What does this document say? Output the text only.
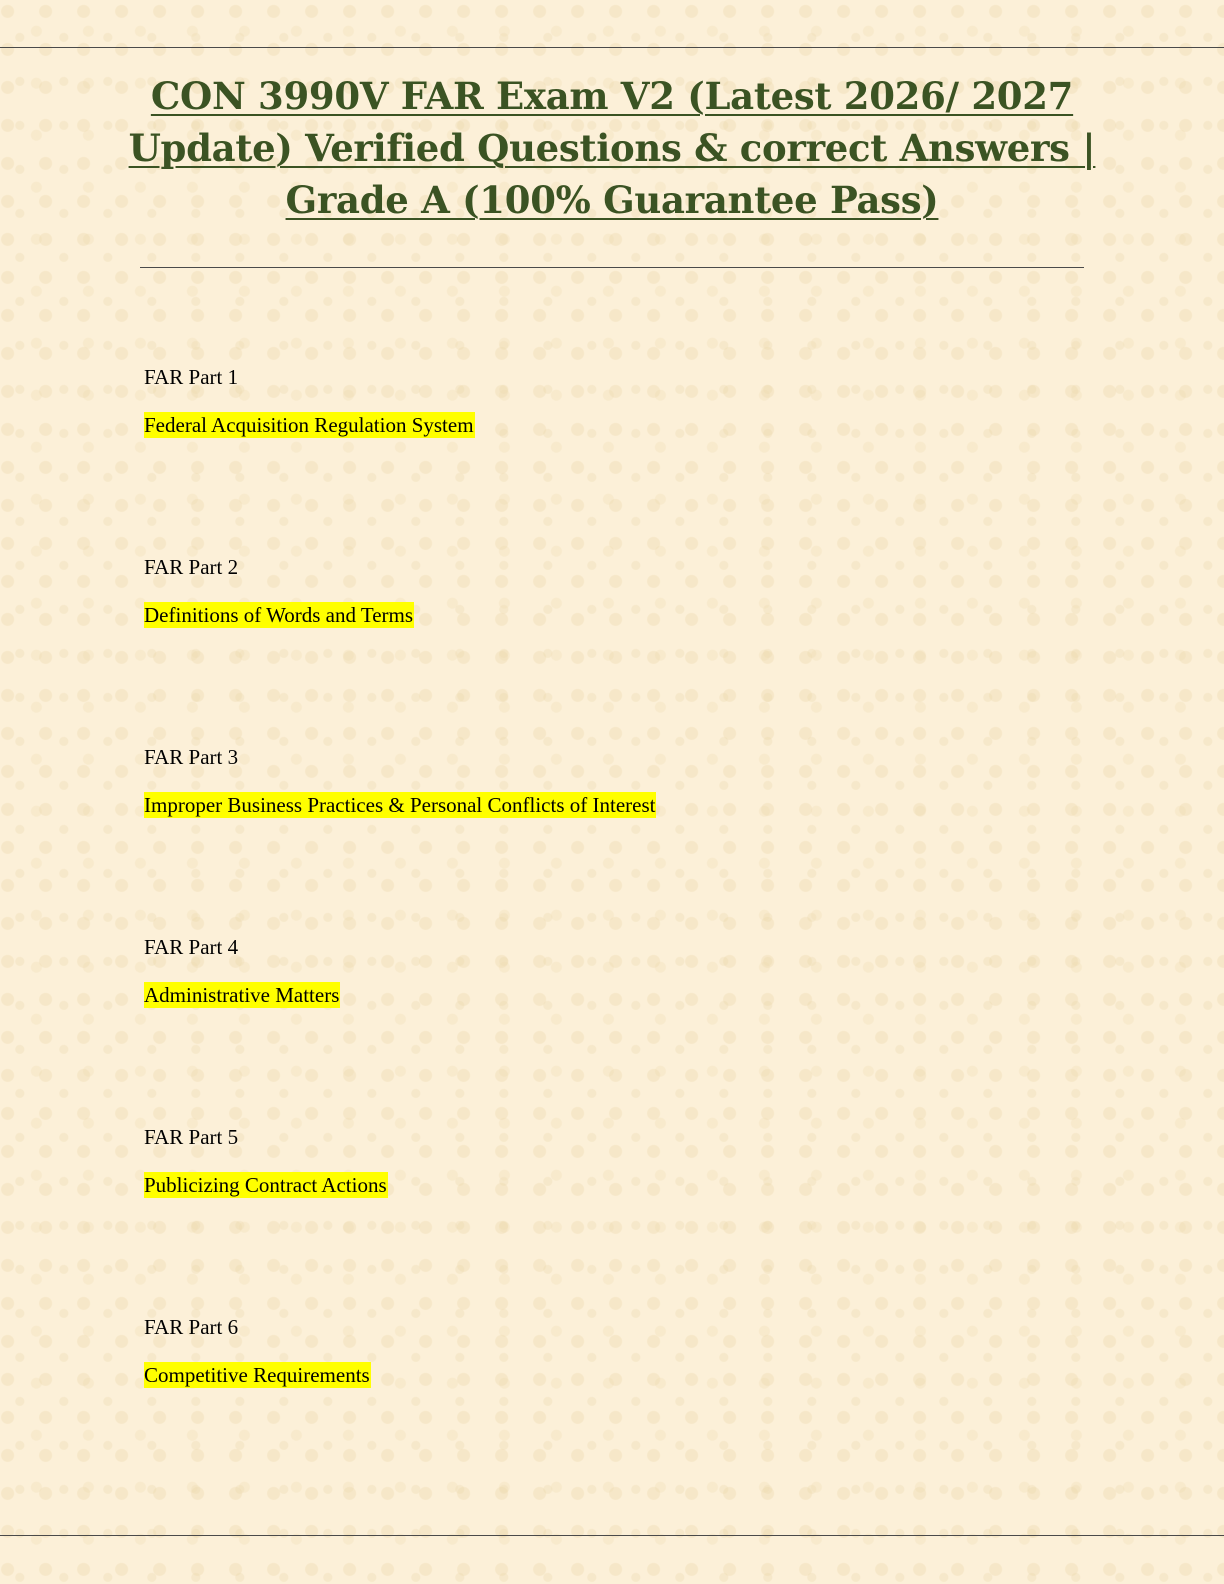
CON 3990V FAR Exam V2 (Latest 2026/ 2027 Update) Verified Questions & correct Answers | Grade A (100% Guarantee Pass)
FAR Part 1
Federal Acquisition Regulation System
FAR Part 2
Definitions of Words and Terms
FAR Part 3
Improper Business Practices & Personal Conflicts of Interest
FAR Part 4
Administrative Matters
FAR Part 5
Publicizing Contract Actions
FAR Part 6
Competitive Requirements
